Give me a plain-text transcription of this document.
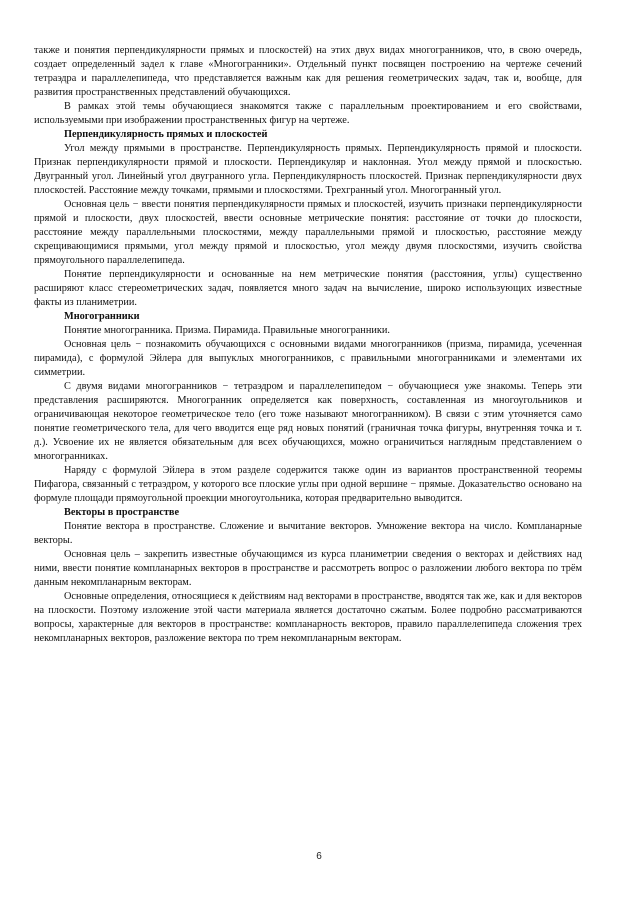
также и понятия перпендикулярности прямых и плоскостей) на этих двух видах многогранников, что, в свою очередь, создает определенный задел к главе «Многогранники». Отдельный пункт посвящен построению на чертеже сечений тетраэдра и параллелепипеда, что представляется важным как для решения геометрических задач, так и, вообще, для развития пространственных представлений обучающихся.

В рамках этой темы обучающиеся знакомятся также с параллельным проектированием и его свойствами, используемыми при изображении пространственных фигур на чертеже.

Перпендикулярность прямых и плоскостей

Угол между прямыми в пространстве. Перпендикулярность прямых. Перпендикулярность прямой и плоскости. Признак перпендикулярности прямой и плоскости. Перпендикуляр и наклонная. Угол между прямой и плоскостью. Двугранный угол. Линейный угол двугранного угла. Перпендикулярность плоскостей. Признак перпендикулярности двух плоскостей. Расстояние между точками, прямыми и плоскостями. Трехгранный угол. Многогранный угол.

Основная цель − ввести понятия перпендикулярности прямых и плоскостей, изучить признаки перпендикулярности прямой и плоскости, двух плоскостей, ввести основные метрические понятия: расстояние от точки до плоскости, расстояние между параллельными плоскостями, между параллельными прямой и плоскостью, расстояние между скрещивающимися прямыми, угол между прямой и плоскостью, угол между двумя плоскостями, изучить свойства прямоугольного параллелепипеда.

Понятие перпендикулярности и основанные на нем метрические понятия (расстояния, углы) существенно расширяют класс стереометрических задач, появляется много задач на вычисление, широко использующих известные факты из планиметрии.

Многогранники

Понятие многогранника. Призма. Пирамида. Правильные многогранники.

Основная цель − познакомить обучающихся с основными видами многогранников (призма, пирамида, усеченная пирамида), с формулой Эйлера для выпуклых многогранников, с правильными многогранниками и элементами их симметрии.

С двумя видами многогранников − тетраэдром и параллелепипедом − обучающиеся уже знакомы. Теперь эти представления расширяются. Многогранник определяется как поверхность, составленная из многоугольников и ограничивающая некоторое геометрическое тело (его тоже называют многогранником). В связи с этим уточняется само понятие геометрического тела, для чего вводится еще ряд новых понятий (граничная точка фигуры, внутренняя точка и т. д.). Усвоение их не является обязательным для всех обучающихся, можно ограничиться наглядным представлением о многогранниках.

Наряду с формулой Эйлера в этом разделе содержится также один из вариантов пространственной теоремы Пифагора, связанный с тетраэдром, у которого все плоские углы при одной вершине − прямые. Доказательство основано на формуле площади прямоугольной проекции многоугольника, которая предварительно выводится.

Векторы в пространстве

Понятие вектора в пространстве. Сложение и вычитание векторов. Умножение вектора на число. Компланарные векторы.

Основная цель – закрепить известные обучающимся из курса планиметрии сведения о векторах и действиях над ними, ввести понятие компланарных векторов в пространстве и рассмотреть вопрос о разложении любого вектора по трём данным некомпланарным векторам.

Основные определения, относящиеся к действиям над векторами в пространстве, вводятся так же, как и для векторов на плоскости. Поэтому изложение этой части материала является достаточно сжатым. Более подробно рассматриваются вопросы, характерные для векторов в пространстве: компланарность векторов, правило параллелепипеда сложения трех некомпланарных векторов, разложение вектора по трем некомпланарным векторам.

6
